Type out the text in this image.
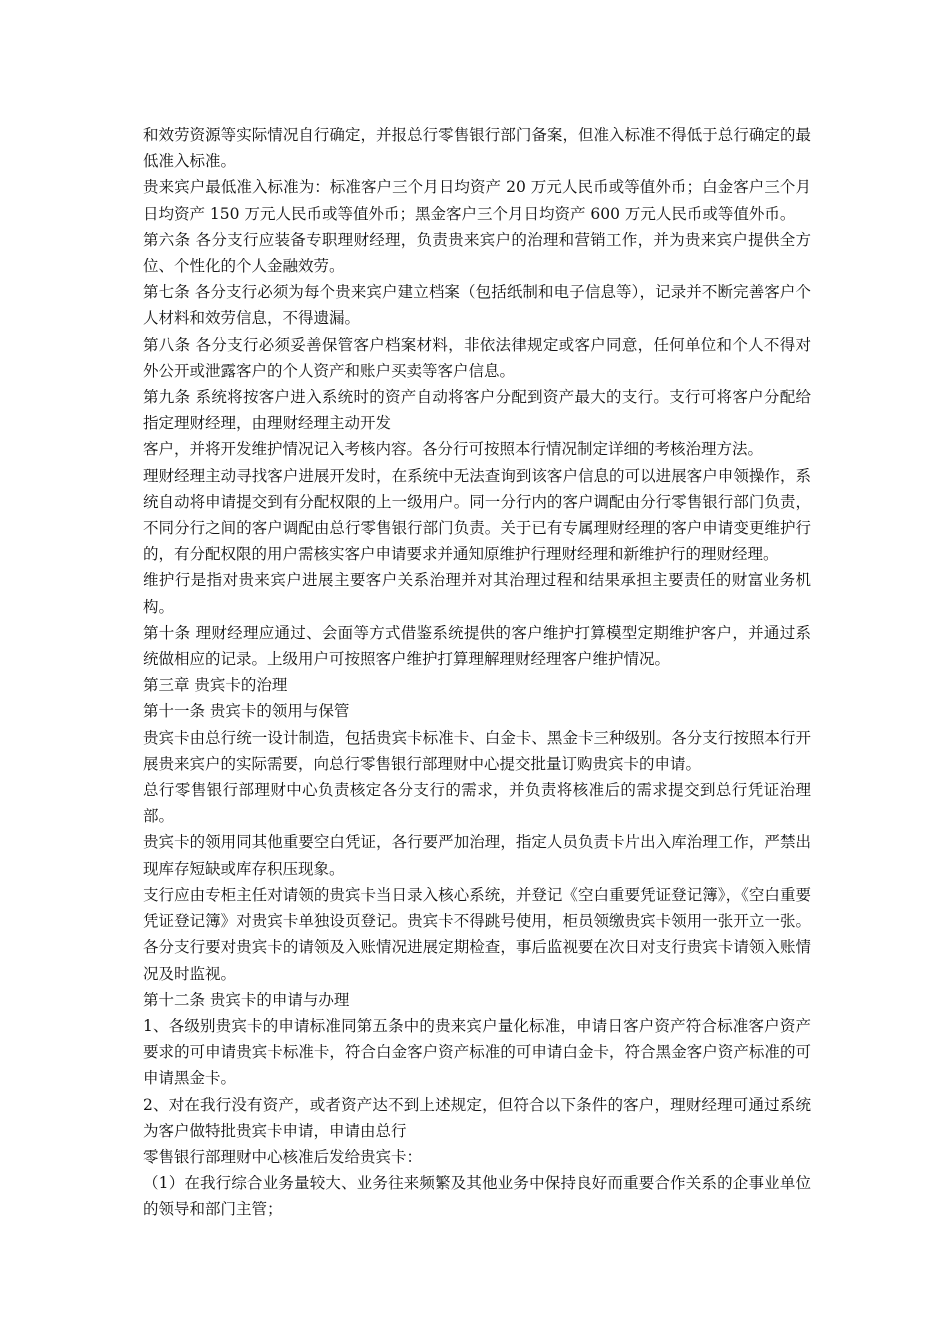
和效劳资源等实际情况自行确定，并报总行零售银行部门备案，但准入标准不得低于总行确定的最低准入标准。

贵来宾户最低准入标准为：标准客户三个月日均资产 20 万元人民币或等值外币；白金客户三个月日均资产 150 万元人民币或等值外币；黑金客户三个月日均资产 600 万元人民币或等值外币。

第六条 各分支行应装备专职理财经理，负责贵来宾户的治理和营销工作，并为贵来宾户提供全方位、个性化的个人金融效劳。

第七条 各分支行必须为每个贵来宾户建立档案（包括纸制和电子信息等），记录并不断完善客户个人材料和效劳信息，不得遗漏。

第八条 各分支行必须妥善保管客户档案材料，非依法律规定或客户同意，任何单位和个人不得对外公开或泄露客户的个人资产和账户买卖等客户信息。

第九条 系统将按客户进入系统时的资产自动将客户分配到资产最大的支行。支行可将客户分配给指定理财经理，由理财经理主动开发

客户，并将开发维护情况记入考核内容。各分行可按照本行情况制定详细的考核治理方法。

理财经理主动寻找客户进展开发时，在系统中无法查询到该客户信息的可以进展客户申领操作，系统自动将申请提交到有分配权限的上一级用户。同一分行内的客户调配由分行零售银行部门负责，不同分行之间的客户调配由总行零售银行部门负责。关于已有专属理财经理的客户申请变更维护行的，有分配权限的用户需核实客户申请要求并通知原维护行理财经理和新维护行的理财经理。

维护行是指对贵来宾户进展主要客户关系治理并对其治理过程和结果承担主要责任的财富业务机构。

第十条 理财经理应通过、会面等方式借鉴系统提供的客户维护打算模型定期维护客户，并通过系统做相应的记录。上级用户可按照客户维护打算理解理财经理客户维护情况。

第三章 贵宾卡的治理

第十一条 贵宾卡的领用与保管

贵宾卡由总行统一设计制造，包括贵宾卡标准卡、白金卡、黑金卡三种级别。各分支行按照本行开展贵来宾户的实际需要，向总行零售银行部理财中心提交批量订购贵宾卡的申请。

总行零售银行部理财中心负责核定各分支行的需求，并负责将核准后的需求提交到总行凭证治理部。

贵宾卡的领用同其他重要空白凭证，各行要严加治理，指定人员负责卡片出入库治理工作，严禁出现库存短缺或库存积压现象。

支行应由专柜主任对请领的贵宾卡当日录入核心系统，并登记《空白重要凭证登记簿》，《空白重要凭证登记簿》对贵宾卡单独设页登记。贵宾卡不得跳号使用，柜员领缴贵宾卡领用一张开立一张。各分支行要对贵宾卡的请领及入账情况进展定期检查，事后监视要在次日对支行贵宾卡请领入账情况及时监视。

第十二条 贵宾卡的申请与办理

1、各级别贵宾卡的申请标准同第五条中的贵来宾户量化标准，申请日客户资产符合标准客户资产要求的可申请贵宾卡标准卡，符合白金客户资产标准的可申请白金卡，符合黑金客户资产标准的可申请黑金卡。

2、对在我行没有资产，或者资产达不到上述规定，但符合以下条件的客户，理财经理可通过系统为客户做特批贵宾卡申请，申请由总行

零售银行部理财中心核准后发给贵宾卡：

（1）在我行综合业务量较大、业务往来频繁及其他业务中保持良好而重要合作关系的企事业单位的领导和部门主管；
